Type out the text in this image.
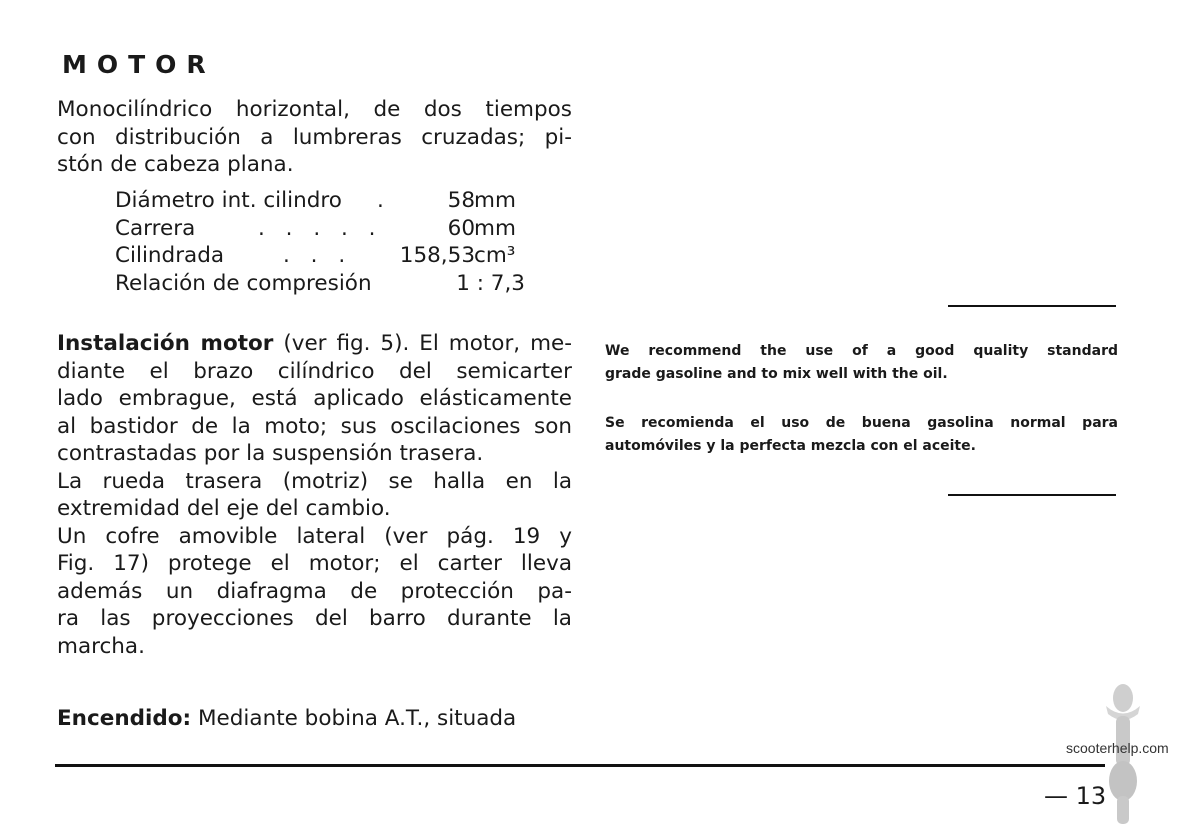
MOTOR
Monocilíndrico horizontal, de dos tiempos
con distribución a lumbreras cruzadas; pi-
stón de cabeza plana.
Diámetro int. cilindro .	58 mm
Carrera	. . . . .	60 mm
Cilindrada	. . . 158,53 cm³
Relación de compresión	1 : 7,3
Instalación motor (ver fig. 5). El motor, me-
diante el brazo cilíndrico del semicarter
lado embrague, está aplicado elásticamente
al bastidor de la moto; sus oscilaciones son
contrastadas por la suspensión trasera.
La rueda trasera (motriz) se halla en la
extremidad del eje del cambio.
Un cofre amovible lateral (ver pág. 19 y
Fig. 17) protege el motor; el carter lleva
además un diafragma de protección pa-
ra las proyecciones del barro durante la
marcha.
Encendido: Mediante bobina A.T., situada
We recommend the use of a good quality standard
grade gasoline and to mix well with the oil.
Se recomienda el uso de buena gasolina normal para
automóviles y la perfecta mezcla con el aceite.
scooterhelp.com
— 13
